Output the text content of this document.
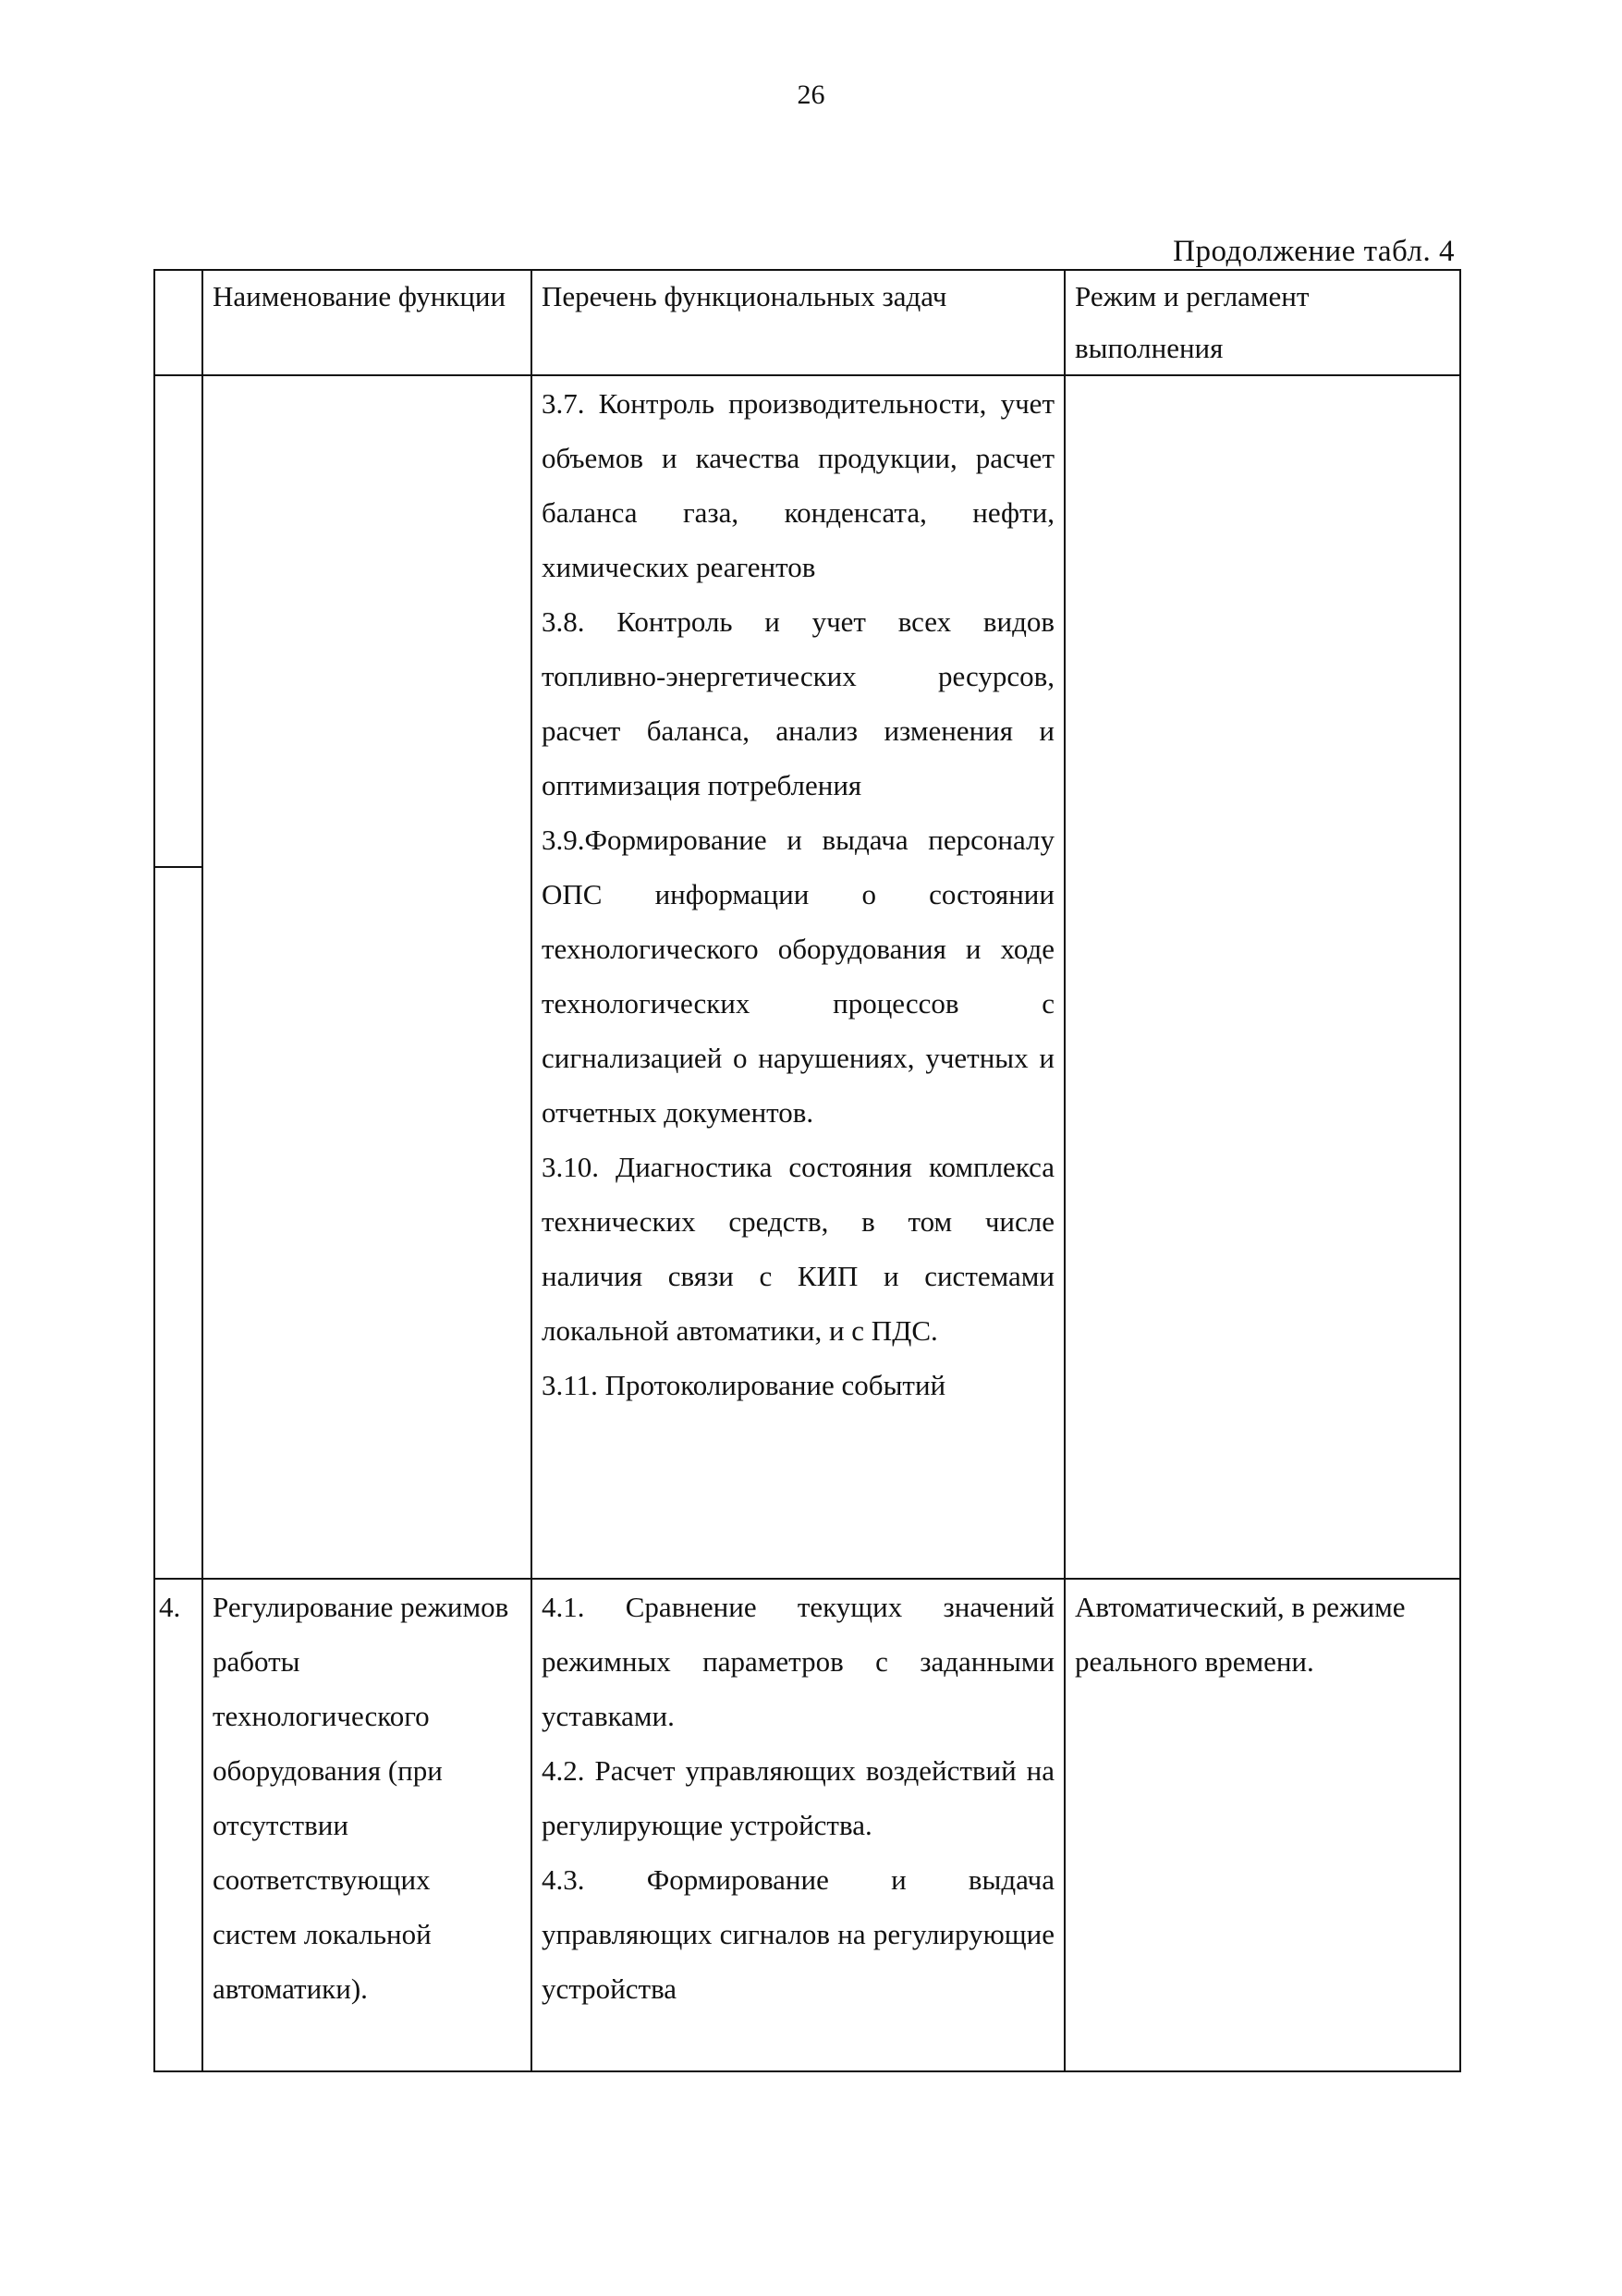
26
Продолжение табл. 4
	Наименование функции	Перечень функциональных задач	Режим и регламент выполнения

		3.7. Контроль производительности, учет объемов и качества продукции, расчет баланса газа, конденсата, нефти, химических реагентов

3.8. Контроль и учет всех видов топливно-энергетических ресурсов, расчет баланса, анализ изменения и оптимизация потребления

3.9.Формирование и выдача персоналу ОПС информации о состоянии технологического оборудования и ходе технологических процессов с сигнализацией о нарушениях, учетных и отчетных документов.

3.10. Диагностика состояния комплекса технических средств, в том числе наличия связи с КИП и системами локальной автоматики, и с ПДС.

3.11. Протоколирование событий	

4.	Регулирование режимов работы технологического оборудования (при отсутствии соответствующих систем локальной автоматики).	4.1. Сравнение текущих значений режимных параметров с заданными уставками.

4.2. Расчет управляющих воздействий на регулирующие устройства.

4.3. Формирование и выдача управляющих сигналов на регулирующие устройства	Автоматический, в режиме реального времени.
